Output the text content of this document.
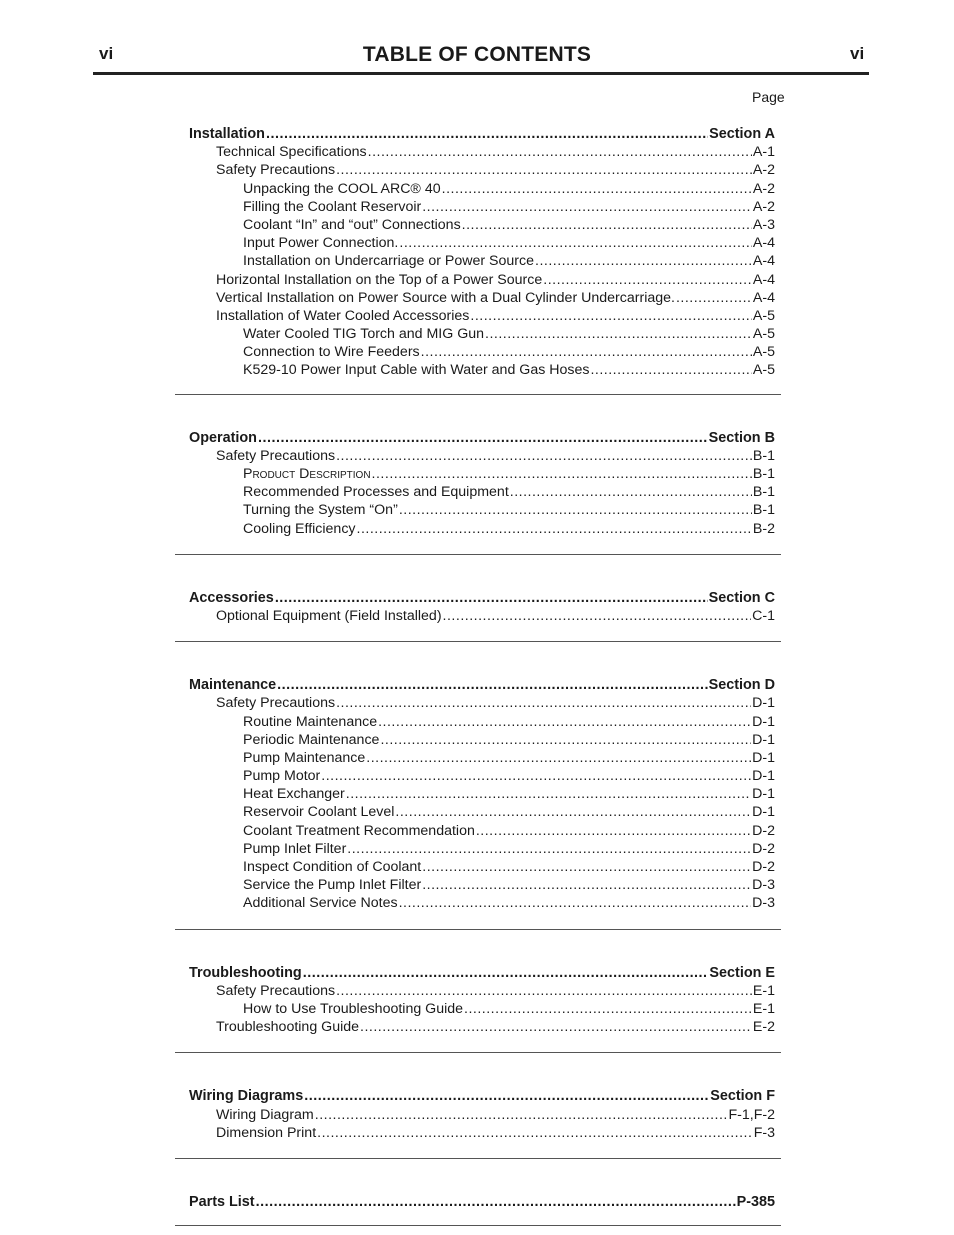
vi	TABLE OF CONTENTS	vi
Page
Installation .....	Section A
Technical Specifications .....	A-1
Safety Precautions .....	A-2
Unpacking the COOL ARC® 40 .....	A-2
Filling the Coolant Reservoir .....	A-2
Coolant “In” and “out” Connections .....	A-3
Input Power Connection. .....	A-4
Installation on Undercarriage or Power Source .....	A-4
Horizontal Installation on the Top of a Power Source .....	A-4
Vertical Installation on Power Source with a Dual Cylinder Undercarriage. .....	A-4
Installation of Water Cooled Accessories .....	A-5
Water Cooled TIG Torch and MIG Gun .....	A-5
Connection to Wire Feeders .....	A-5
K529-10 Power Input Cable with Water and Gas Hoses .....	A-5
Operation .....	Section B
Safety Precautions .....	B-1
Product Description .....	B-1
Recommended Processes and Equipment .....	B-1
Turning the System “On” .....	B-1
Cooling Efficiency .....	B-2
Accessories .....	Section C
Optional Equipment (Field Installed) .....	C-1
Maintenance .....	Section D
Safety Precautions .....	D-1
Routine Maintenance .....	D-1
Periodic Maintenance .....	D-1
Pump Maintenance .....	D-1
Pump Motor .....	D-1
Heat Exchanger .....	D-1
Reservoir Coolant Level .....	D-1
Coolant Treatment Recommendation .....	D-2
Pump Inlet Filter .....	D-2
Inspect Condition of Coolant .....	D-2
Service the Pump Inlet Filter .....	D-3
Additional Service Notes .....	D-3
Troubleshooting .....	Section E
Safety Precautions .....	E-1
How to Use Troubleshooting Guide .....	E-1
Troubleshooting Guide .....	E-2
Wiring Diagrams .....	Section F
Wiring Diagram .....	F-1,F-2
Dimension Print .....	F-3
Parts List .....	P-385
